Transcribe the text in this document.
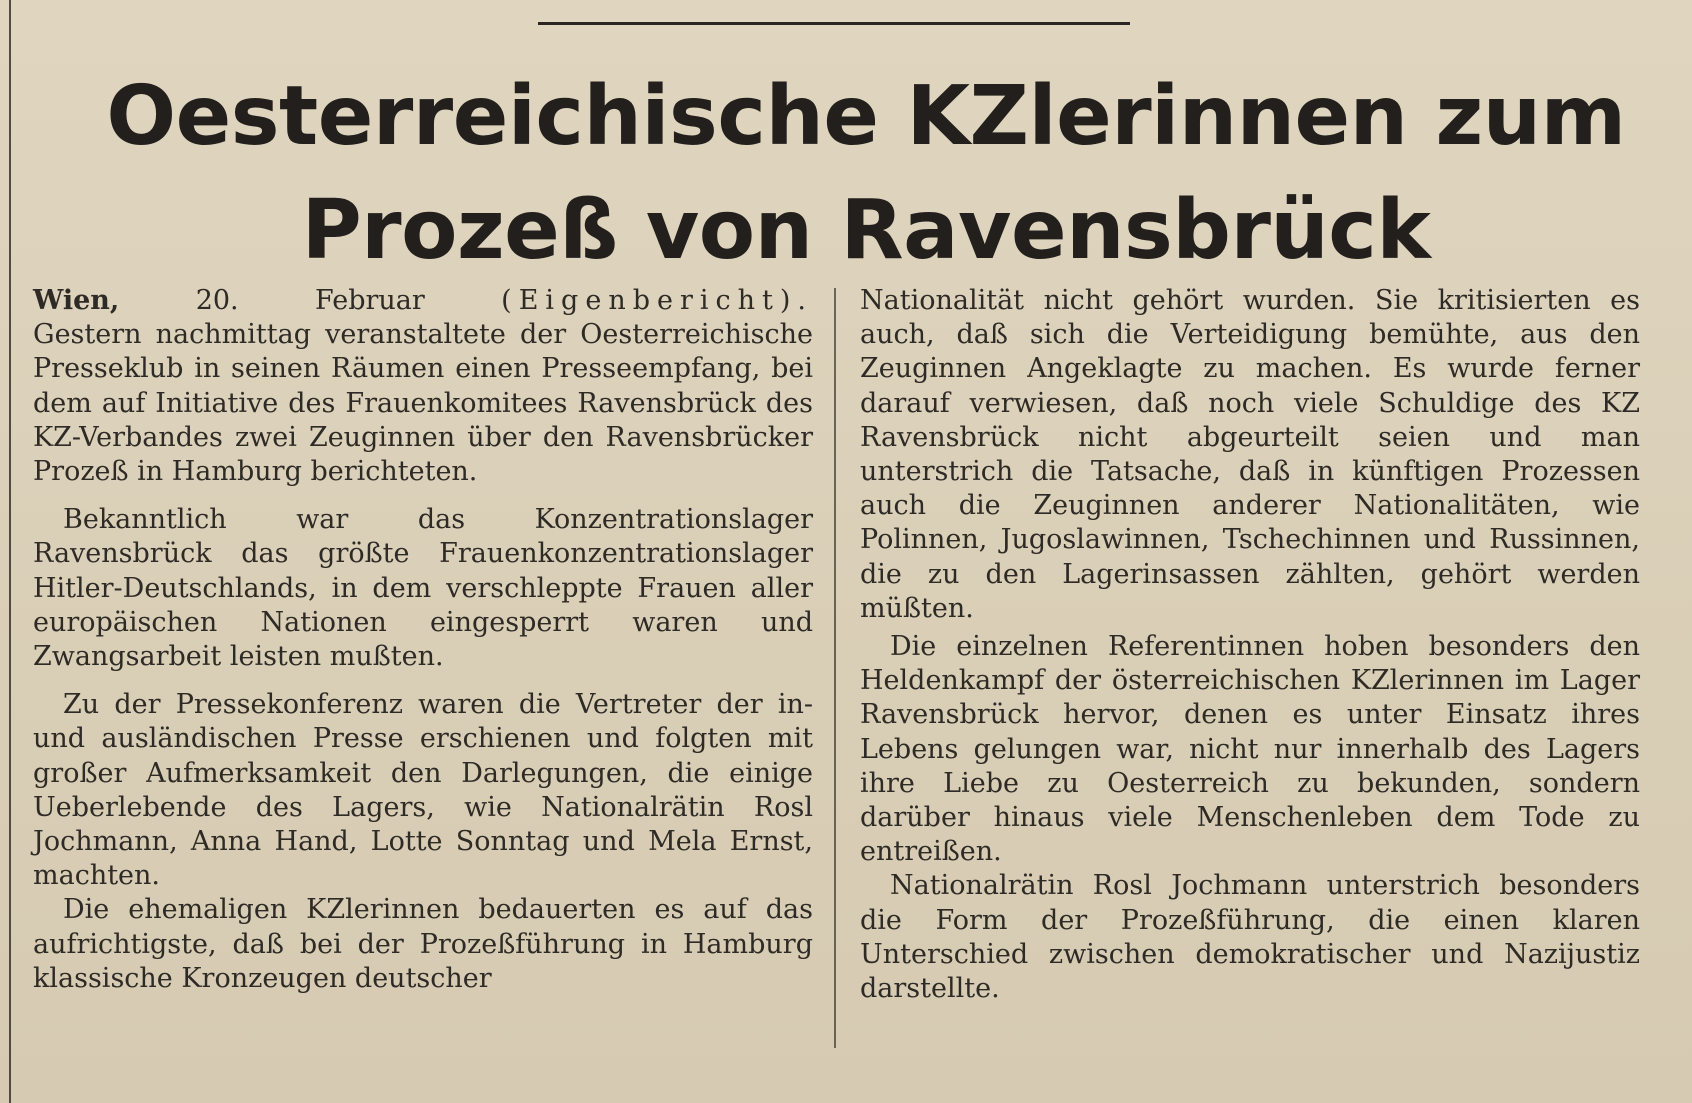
Oesterreichische KZlerinnen zum
Prozeß von Ravensbrück

Wien,	20. Februar	(Eigenbericht).

Gestern nachmittag veranstaltete der Oesterreichische Presseklub in seinen Räumen einen Presseempfang, bei dem auf Initiative des Frauenkomitees Ravensbrück des KZ-Verbandes zwei Zeuginnen über den Ravensbrücker Prozeß in Hamburg berichteten.

Bekanntlich war das Konzentrationslager Ravensbrück das größte Frauenkonzentrationslager Hitler-Deutschlands, in dem verschleppte Frauen aller europäischen Nationen eingesperrt waren und Zwangsarbeit leisten mußten.

Zu der Pressekonferenz waren die Vertreter der in- und ausländischen Presse erschienen und folgten mit großer Aufmerksamkeit den Darlegungen, die einige Ueberlebende des Lagers, wie Nationalrätin Rosl Jochmann, Anna Hand, Lotte Sonntag und Mela Ernst, machten.

Die ehemaligen KZlerinnen bedauerten es auf das aufrichtigste, daß bei der Prozeßführung in Hamburg klassische Kronzeugen deutscher

Nationalität nicht gehört wurden. Sie kritisierten es auch, daß sich die Verteidigung bemühte, aus den Zeuginnen Angeklagte zu machen. Es wurde ferner darauf verwiesen, daß noch viele Schuldige des KZ Ravensbrück nicht abgeurteilt seien und man unterstrich die Tatsache, daß in künftigen Prozessen auch die Zeuginnen anderer Nationalitäten, wie Polinnen, Jugoslawinnen, Tschechinnen und Russinnen, die zu den Lagerinsassen zählten, gehört werden müßten.

Die einzelnen Referentinnen hoben besonders den Heldenkampf der österreichischen KZlerinnen im Lager Ravensbrück hervor, denen es unter Einsatz ihres Lebens gelungen war, nicht nur innerhalb des Lagers ihre Liebe zu Oesterreich zu bekunden, sondern darüber hinaus viele Menschenleben dem Tode zu entreißen.

Nationalrätin Rosl Jochmann unterstrich besonders die Form der Prozeßführung, die einen klaren Unterschied zwischen demokratischer und Nazijustiz darstellte.
